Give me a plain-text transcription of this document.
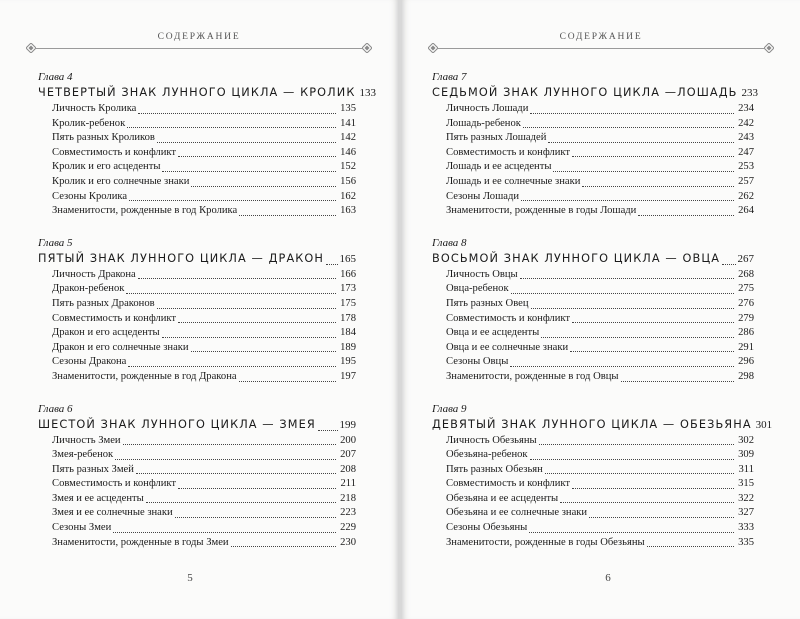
СОДЕРЖАНИЕ
Глава 4
ЧЕТВЕРТЫЙ ЗНАК ЛУННОГО ЦИКЛА — КРОЛИК 133
Личность Кролика	135
Кролик-ребенок	141
Пять разных Кроликов	142
Совместимость и конфликт	146
Кролик и его асцеденты	152
Кролик и его солнечные знаки	156
Сезоны Кролика	162
Знаменитости, рожденные в год Кролика	163
Глава 5
ПЯТЫЙ ЗНАК ЛУННОГО ЦИКЛА — ДРАКОН 165
Личность Дракона	166
Дракон-ребенок	173
Пять разных Драконов	175
Совместимость и конфликт	178
Дракон и его асцеденты	184
Дракон и его солнечные знаки	189
Сезоны Дракона	195
Знаменитости, рожденные в год Дракона	197
Глава 6
ШЕСТОЙ ЗНАК ЛУННОГО ЦИКЛА — ЗМЕЯ 199
Личность Змеи	200
Змея-ребенок	207
Пять разных Змей	208
Совместимость и конфликт	211
Змея и ее асцеденты	218
Змея и ее солнечные знаки	223
Сезоны Змеи	229
Знаменитости, рожденные в годы Змеи	230
5
СОДЕРЖАНИЕ
Глава 7
СЕДЬМОЙ ЗНАК ЛУННОГО ЦИКЛА —ЛОШАДЬ 233
Личность Лошади	234
Лошадь-ребенок	242
Пять разных Лошадей	243
Совместимость и конфликт	247
Лошадь и ее асцеденты	253
Лошадь и ее солнечные знаки	257
Сезоны Лошади	262
Знаменитости, рожденные в годы Лошади	264
Глава 8
ВОСЬМОЙ ЗНАК ЛУННОГО ЦИКЛА — ОВЦА 267
Личность Овцы	268
Овца-ребенок	275
Пять разных Овец	276
Совместимость и конфликт	279
Овца и ее асцеденты	286
Овца и ее солнечные знаки	291
Сезоны Овцы	296
Знаменитости, рожденные в год Овцы	298
Глава 9
ДЕВЯТЫЙ ЗНАК ЛУННОГО ЦИКЛА — ОБЕЗЬЯНА 301
Личность Обезьяны	302
Обезьяна-ребенок	309
Пять разных Обезьян	311
Совместимость и конфликт	315
Обезьяна и ее асцеденты	322
Обезьяна и ее солнечные знаки	327
Сезоны Обезьяны	333
Знаменитости, рожденные в годы Обезьяны	335
6
